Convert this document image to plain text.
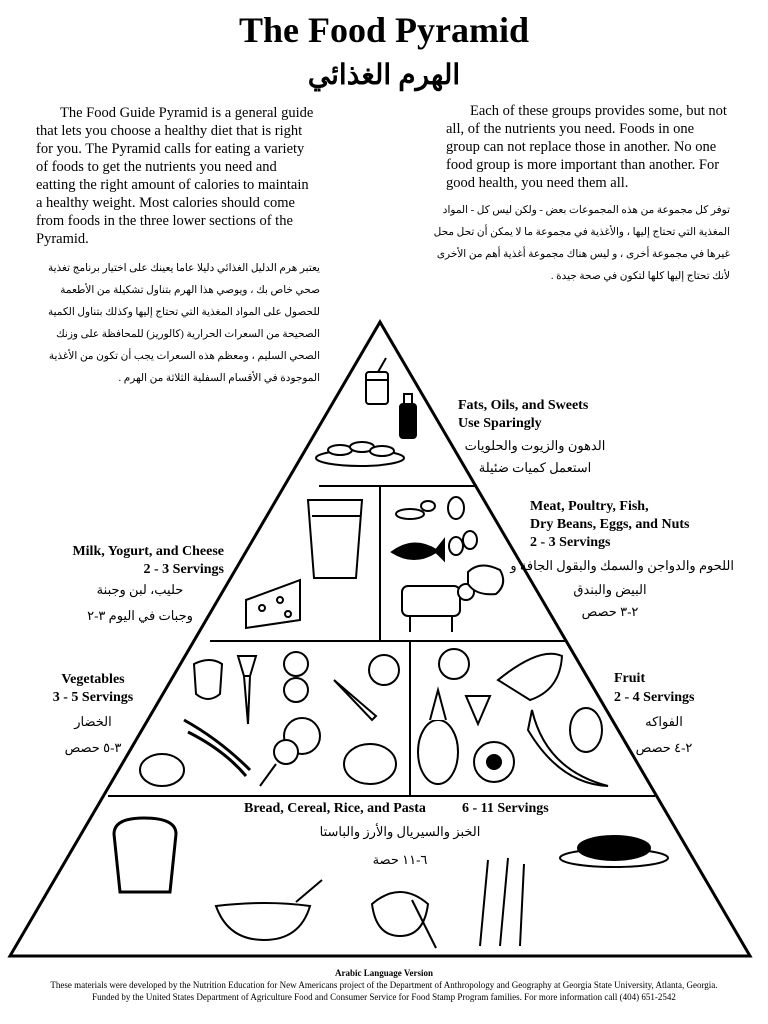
The Food Pyramid
الهرم الغذائي
The Food Guide Pyramid is a general guide that lets you choose a healthy diet that is right for you. The Pyramid calls for eating a variety of foods to get the nutrients you need and eatting the right amount of calories to maintain a healthy weight. Most calories should come from foods in the three lower sections of the Pyramid.
Each of these groups provides some, but not all, of the nutrients you need. Foods in one group can not replace those in another. No one food group is more important than another. For good health, you need them all.
يعتبر هرم الدليل الغذائي دليلا عاما يعينك على اختيار برنامج تغذية صحي خاص بك ، ويوصي هذا الهرم بتناول تشكيلة من الأطعمة للحصول على المواد المغذية التي تحتاج إليها وكذلك بتناول الكمية الصحيحة من السعرات الحرارية (كالوريز) للمحافظة على وزنك الصحي السليم ، ومعظم هذه السعرات يجب أن تكون من الأغذية الموجودة في الأقسام السفلية الثلاثة من الهرم .
توفر كل مجموعة من هذه المجموعات بعض - ولكن ليس كل - المواد المغذية التي تحتاج إليها ، والأغذية في مجموعة ما لا يمكن أن تحل محل غيرها في مجموعة أخرى ، و ليس هناك مجموعة أغذية أهم من الأخرى لأنك تحتاج إليها كلها لتكون في صحة جيدة .
Fats, Oils, and Sweets
Use Sparingly
الدهون والزيوت والحلويات
استعمل كميات ضئيلة
Milk, Yogurt, and Cheese
2 - 3 Servings
حليب، لبن وجبنة
وجبات في اليوم ٣-٢
Meat, Poultry, Fish,
Dry Beans, Eggs, and Nuts
2 - 3 Servings
اللحوم والدواجن والسمك والبقول الجافة و
البيض والبندق
٢-٣ حصص
Vegetables
3 - 5 Servings
الخضار
٣-٥ حصص
Fruit
2 - 4 Servings
الفواكه
٢-٤ حصص
Bread, Cereal, Rice, and Pasta	6 - 11 Servings
الخبز والسيريال والأرز والباستا
٦-١١ حصة
Arabic Language Version
These materials were developed by the Nutrition Education for New Americans project of the Department of Anthropology and Geography at Georgia State University, Atlanta, Georgia.
Funded by the United States Department of Agriculture Food and Consumer Service for Food Stamp Program families. For more information call (404) 651-2542
